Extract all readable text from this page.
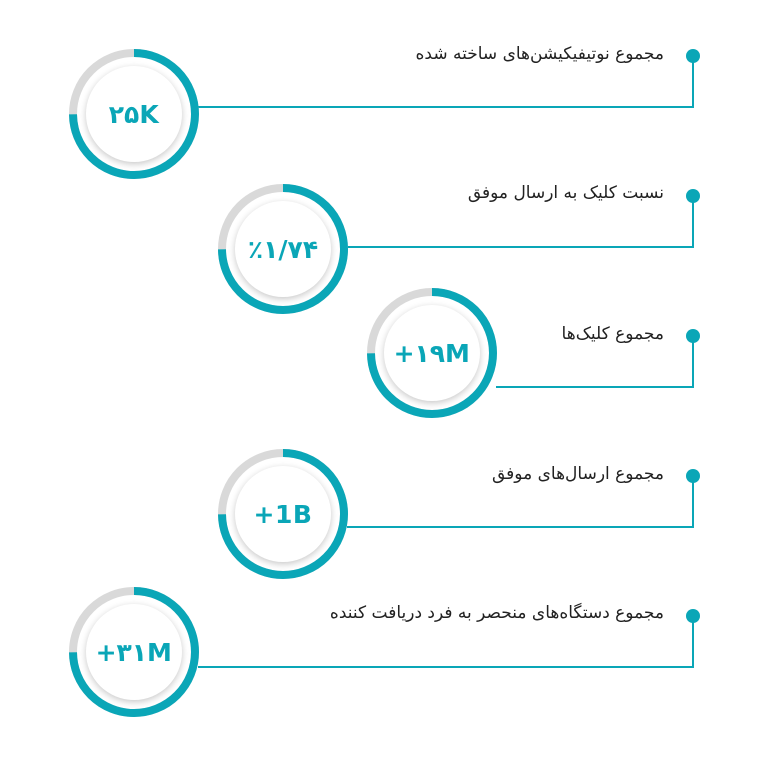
مجموع نوتیفیکیشن‌های ساخته شده
۲۵K
نسبت کلیک به ارسال موفق
٪۱/۷۴
مجموع کلیک‌ها
+۱۹M
مجموع ارسال‌های موفق
+1B
مجموع دستگاه‌های منحصر به فرد دریافت کننده
+۳۱M
